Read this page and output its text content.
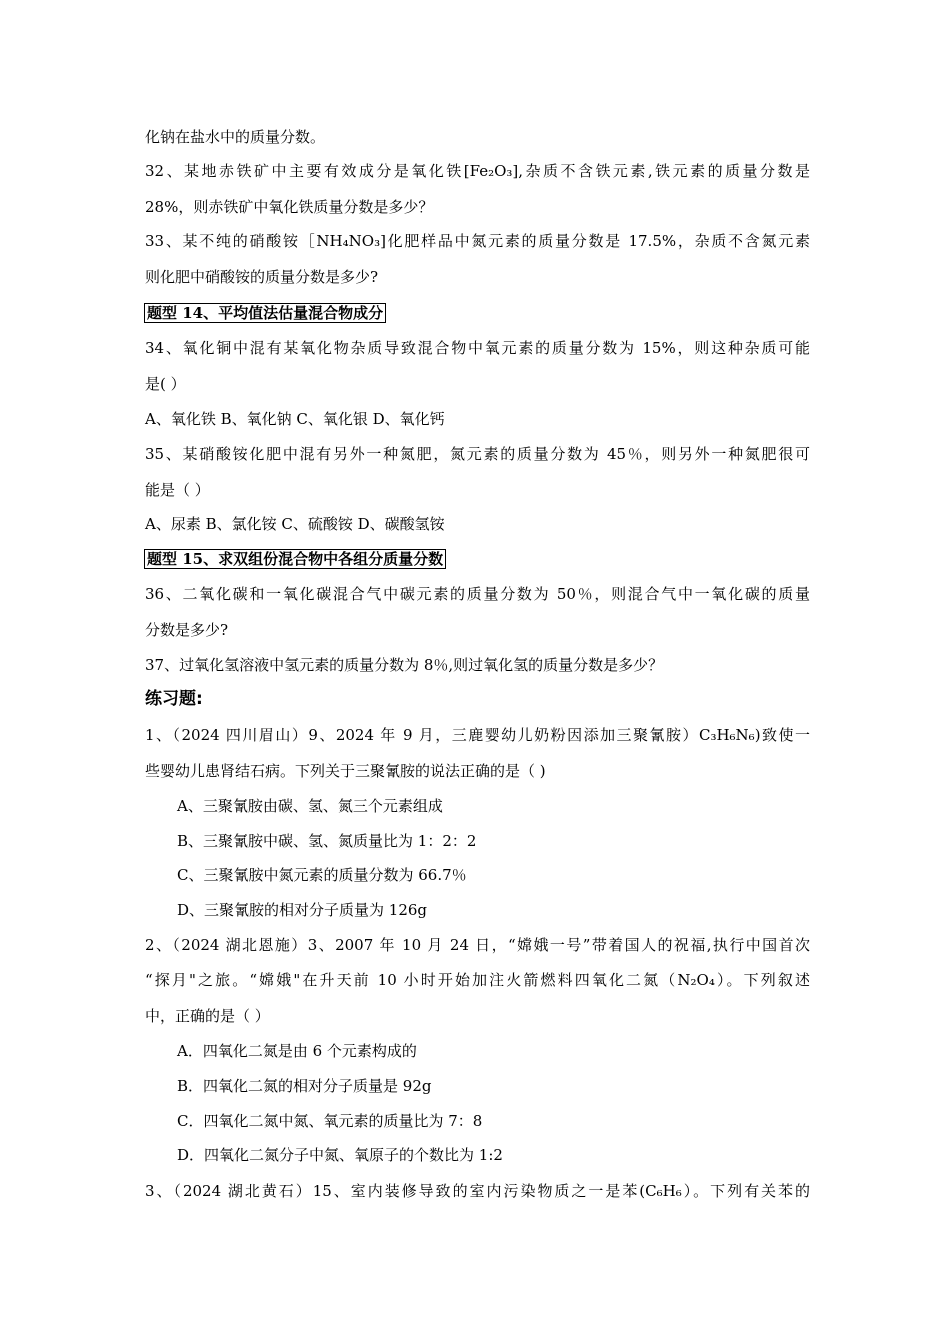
化钠在盐水中的质量分数。
32、某地赤铁矿中主要有效成分是氧化铁[Fe₂O₃],杂质不含铁元素,铁元素的质量分数是
28%，则赤铁矿中氧化铁质量分数是多少？
33、某不纯的硝酸铵［NH₄NO₃]化肥样品中氮元素的质量分数是 17.5%，杂质不含氮元素
则化肥中硝酸铵的质量分数是多少?
题型 14、平均值法估量混合物成分
34、氧化铜中混有某氧化物杂质导致混合物中氧元素的质量分数为 15%，则这种杂质可能
是( ）
A、氧化铁 B、氧化钠 C、氧化银 D、氧化钙
35、某硝酸铵化肥中混有另外一种氮肥，氮元素的质量分数为 45％，则另外一种氮肥很可
能是（ ）
A、尿素 B、氯化铵 C、硫酸铵 D、碳酸氢铵
题型 15、求双组份混合物中各组分质量分数
36、二氧化碳和一氧化碳混合气中碳元素的质量分数为 50％，则混合气中一氧化碳的质量
分数是多少?
37、过氧化氢溶液中氢元素的质量分数为 8％,则过氧化氢的质量分数是多少？
练习题:
1、（2024 四川眉山）9、2024 年 9 月，三鹿婴幼儿奶粉因添加三聚氰胺）C₃H₆N₆)致使一
些婴幼儿患肾结石病。下列关于三聚氰胺的说法正确的是（ )
A、三聚氰胺由碳、氢、氮三个元素组成
B、三聚氰胺中碳、氢、氮质量比为 1：2：2
C、三聚氰胺中氮元素的质量分数为 66.7％
D、三聚氰胺的相对分子质量为 126g
2、（2024 湖北恩施）3、2007 年 10 月 24 日，“嫦娥一号”带着国人的祝福,执行中国首次
“探月"之旅。“嫦娥"在升天前 10 小时开始加注火箭燃料四氧化二氮（N₂O₄）。下列叙述
中，正确的是（ ）
A．四氧化二氮是由 6 个元素构成的
B．四氧化二氮的相对分子质量是 92g
C．四氧化二氮中氮、氧元素的质量比为 7：8
D．四氧化二氮分子中氮、氧原子的个数比为 1:2
3、（2024 湖北黄石）15、室内装修导致的室内污染物质之一是苯(C₆H₆）。下列有关苯的
